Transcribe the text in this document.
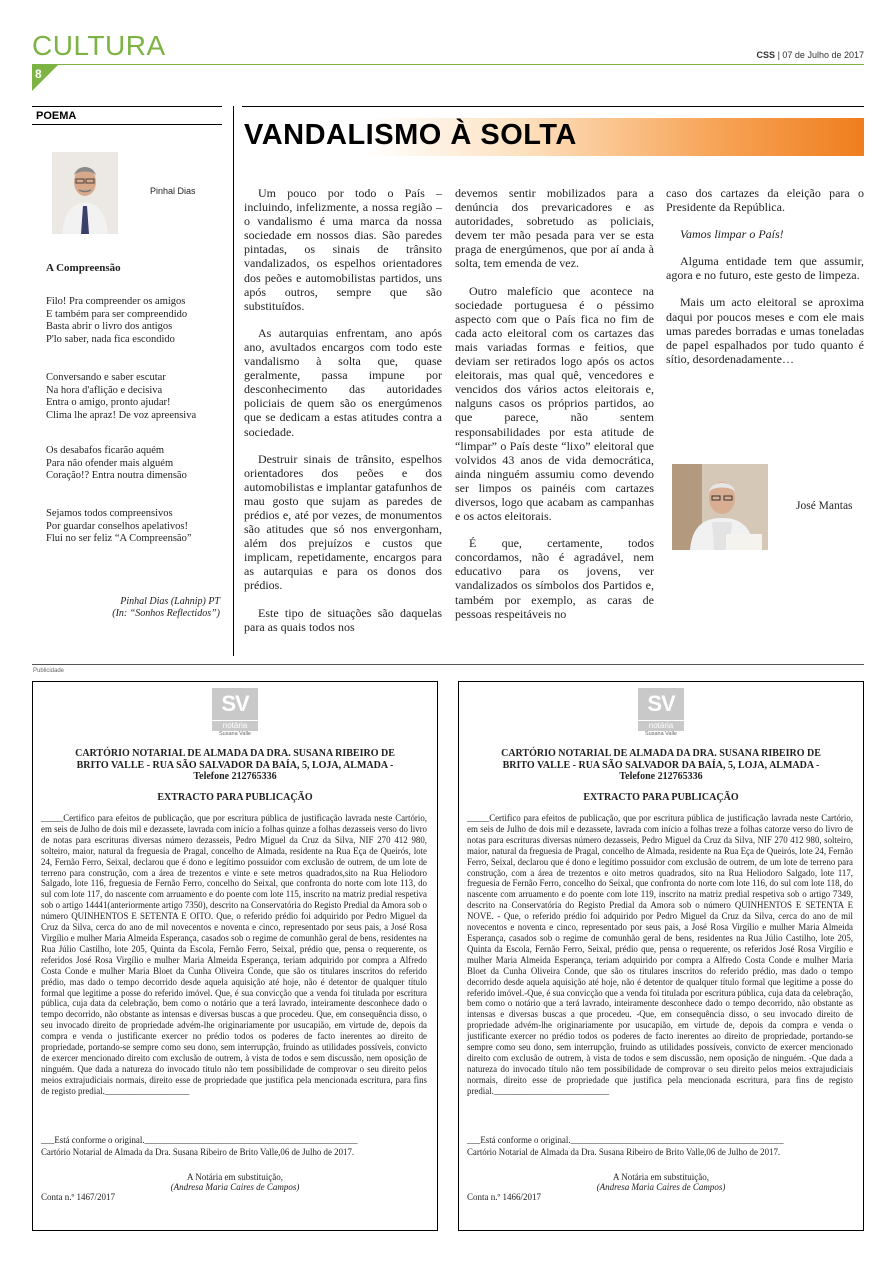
CULTURA
8
CSS | 07 de Julho de 2017
POEMA
Pinhal Dias
A Compreensão
Filo! Pra compreender os amigos
E também para ser compreendido
Basta abrir o livro dos antigos
P'lo saber, nada fica escondido
Conversando e saber escutar
Na hora d'aflição e decisiva
Entra o amigo, pronto ajudar!
Clima lhe apraz! De voz apreensiva
Os desabafos ficarão aquém
Para não ofender mais alguém
Coração!? Entra noutra dimensão
Sejamos todos compreensivos
Por guardar conselhos apelativos!
Flui no ser feliz “A Compreensão”
Pinhal Dias (Lahnip) PT
(In: “Sonhos Reflectidos”)
VANDALISMO À SOLTA

Um pouco por todo o País – incluindo, infelizmente, a nossa região – o vandalismo é uma marca da nossa sociedade em nossos dias. São paredes pintadas, os sinais de trânsito vandalizados, os espelhos orientadores dos peões e automobilistas partidos, uns após outros, sempre que são substituídos.

As autarquias enfrentam, ano após ano, avultados encargos com todo este vandalismo à solta que, quase geralmente, passa impune por desconhecimento das autoridades policiais de quem são os energúmenos que se dedicam a estas atitudes contra a sociedade.

Destruir sinais de trânsito, espelhos orientadores dos peões e dos automobilistas e implantar gatafunhos de mau gosto que sujam as paredes de prédios e, até por vezes, de monumentos são atitudes que só nos envergonham, além dos prejuízos e custos que implicam, repetidamente, encargos para as autarquias e para os donos dos prédios.

Este tipo de situações são daquelas para as quais todos nos

devemos sentir mobilizados para a denúncia dos prevaricadores e as autoridades, sobretudo as policiais, devem ter mão pesada para ver se esta praga de energúmenos, que por aí anda à solta, tem emenda de vez.

Outro malefício que acontece na sociedade portuguesa é o péssimo aspecto com que o País fica no fim de cada acto eleitoral com os cartazes das mais variadas formas e feitios, que deviam ser retirados logo após os actos eleitorais, mas qual quê, vencedores e vencidos dos vários actos eleitorais e, nalguns casos os próprios partidos, ao que parece, não sentem responsabilidades por esta atitude de “limpar” o País deste “lixo” eleitoral que volvidos 43 anos de vida democrática, ainda ninguém assumiu como devendo ser limpos os painéis com cartazes diversos, logo que acabam as campanhas e os actos eleitorais.

É que, certamente, todos concordamos, não é agradável, nem educativo para os jovens, ver vandalizados os símbolos dos Partidos e, também por exemplo, as caras de pessoas respeitáveis no

caso dos cartazes da eleição para o Presidente da República.

Vamos limpar o País!

Alguma entidade tem que assumir, agora e no futuro, este gesto de limpeza.

Mais um acto eleitoral se aproxima daqui por poucos meses e com ele mais umas paredes borradas e umas toneladas de papel espalhados por tudo quanto é sítio, desordenadamente…

José Mantas
Publicidade
SV
notária
Susana Valle
CARTÓRIO NOTARIAL DE ALMADA DA DRA. SUSANA RIBEIRO DE
BRITO VALLE - RUA SÃO SALVADOR DA BAÍA, 5, LOJA, ALMADA -
Telefone 212765336
EXTRACTO PARA PUBLICAÇÃO
_____Certifico para efeitos de publicação, que por escritura pública de justificação lavrada neste Cartório, em seis de Julho de dois mil e dezassete, lavrada com início a folhas quinze a folhas dezasseis verso do livro de notas para escrituras diversas número dezasseis, Pedro Miguel da Cruz da Silva, NIF 270 412 980, solteiro, maior, natural da freguesia de Pragal, concelho de Almada, residente na Rua Eça de Queirós, lote 24, Fernão Ferro, Seixal, declarou que é dono e legítimo possuidor com exclusão de outrem, de um lote de terreno para construção, com a área de trezentos e vinte e sete metros quadrados,sito na Rua Heliodoro Salgado, lote 116, freguesia de Fernão Ferro, concelho do Seixal, que confronta do norte com lote 113, do sul com lote 117, do nascente com arruamento e do poente com lote 115, inscrito na matriz predial respetiva sob o artigo 14441(anteriormente artigo 7350), descrito na Conservatória do Registo Predial da Amora sob o número QUINHENTOS E SETENTA E OITO. Que, o referido prédio foi adquirido por Pedro Miguel da Cruz da Silva, cerca do ano de mil novecentos e noventa e cinco, representado por seus pais, a José Rosa Virgílio e mulher Maria Almeida Esperança, casados sob o regime de comunhão geral de bens, residentes na Rua Júlio Castilho, lote 205, Quinta da Escola, Fernão Ferro, Seixal, prédio que, pensa o requerente, os referidos José Rosa Virgílio e mulher Maria Almeida Esperança, teriam adquirido por compra a Alfredo Costa Conde e mulher Maria Bloet da Cunha Oliveira Conde, que são os titulares inscritos do referido prédio, mas dado o tempo decorrido desde aquela aquisição até hoje, não é detentor de qualquer título formal que legitime a posse do referido imóvel. Que, é sua convicção que a venda foi titulada por escritura pública, cuja data da celebração, bem como o notário que a terá lavrado, inteiramente desconhece dado o tempo decorrido, não obstante as intensas e diversas buscas a que procedeu. Que, em consequência disso, o seu invocado direito de propriedade advém-lhe originariamente por usucapião, em virtude de, depois da compra e venda o justificante exercer no prédio todos os poderes de facto inerentes ao direito de propriedade, portando-se sempre como seu dono, sem interrupção, fruindo as utilidades possíveis, convicto de exercer mencionado direito com exclusão de outrem, à vista de todos e sem discussão, nem oposição de ninguém. Que dada a natureza do invocado título não tem possibilidade de comprovar o seu direito pelos meios extrajudiciais normais, direito esse de propriedade que justifica pela mencionada escritura, para fins de registo predial.___________________
___Está conforme o original.________________________________________________
Cartório Notarial de Almada da Dra. Susana Ribeiro de Brito Valle,06 de Julho de 2017.
A Notária em substituição,
(Andresa Maria Caires de Campos)
Conta n.º 1467/2017
SV
notária
Susana Valle
CARTÓRIO NOTARIAL DE ALMADA DA DRA. SUSANA RIBEIRO DE
BRITO VALLE - RUA SÃO SALVADOR DA BAÍA, 5, LOJA, ALMADA -
Telefone 212765336
EXTRACTO PARA PUBLICAÇÃO
_____Certifico para efeitos de publicação, que por escritura pública de justificação lavrada neste Cartório, em seis de Julho de dois mil e dezassete, lavrada com início a folhas treze a folhas catorze verso do livro de notas para escrituras diversas número dezasseis, Pedro Miguel da Cruz da Silva, NIF 270 412 980, solteiro, maior, natural da freguesia de Pragal, concelho de Almada, residente na Rua Eça de Queirós, lote 24, Fernão Ferro, Seixal, declarou que é dono e legítimo possuidor com exclusão de outrem, de um lote de terreno para construção, com a área de trezentos e oito metros quadrados, sito na Rua Heliodoro Salgado, lote 117, freguesia de Fernão Ferro, concelho do Seixal, que confronta do norte com lote 116, do sul com lote 118, do nascente com arruamento e do poente com lote 119, inscrito na matriz predial respetiva sob o artigo 7349, descrito na Conservatória do Registo Predial da Amora sob o número QUINHENTOS E SETENTA E NOVE. - Que, o referido prédio foi adquirido por Pedro Miguel da Cruz da Silva, cerca do ano de mil novecentos e noventa e cinco, representado por seus pais, a José Rosa Virgílio e mulher Maria Almeida Esperança, casados sob o regime de comunhão geral de bens, residentes na Rua Júlio Castilho, lote 205, Quinta da Escola, Fernão Ferro, Seixal, prédio que, pensa o requerente, os referidos José Rosa Virgílio e mulher Maria Almeida Esperança, teriam adquirido por compra a Alfredo Costa Conde e mulher Maria Bloet da Cunha Oliveira Conde, que são os titulares inscritos do referido prédio, mas dado o tempo decorrido desde aquela aquisição até hoje, não é detentor de qualquer título formal que legitime a posse do referido imóvel.-Que, é sua convicção que a venda foi titulada por escritura pública, cuja data da celebração, bem como o notário que a terá lavrado, inteiramente desconhece dado o tempo decorrido, não obstante as intensas e diversas buscas a que procedeu. -Que, em consequência disso, o seu invocado direito de propriedade advém-lhe originariamente por usucapião, em virtude de, depois da compra e venda o justificante exercer no prédio todos os poderes de facto inerentes ao direito de propriedade, portando-se sempre como seu dono, sem interrupção, fruindo as utilidades possíveis, convicto de exercer mencionado direito com exclusão de outrem, à vista de todos e sem discussão, nem oposição de ninguém. -Que dada a natureza do invocado título não tem possibilidade de comprovar o seu direito pelos meios extrajudiciais normais, direito esse de propriedade que justifica pela mencionada escritura, para fins de registo predial.__________________________
___Está conforme o original.________________________________________________
Cartório Notarial de Almada da Dra. Susana Ribeiro de Brito Valle,06 de Julho de 2017.
A Notária em substituição,
(Andresa Maria Caires de Campos)
Conta n.º 1466/2017
